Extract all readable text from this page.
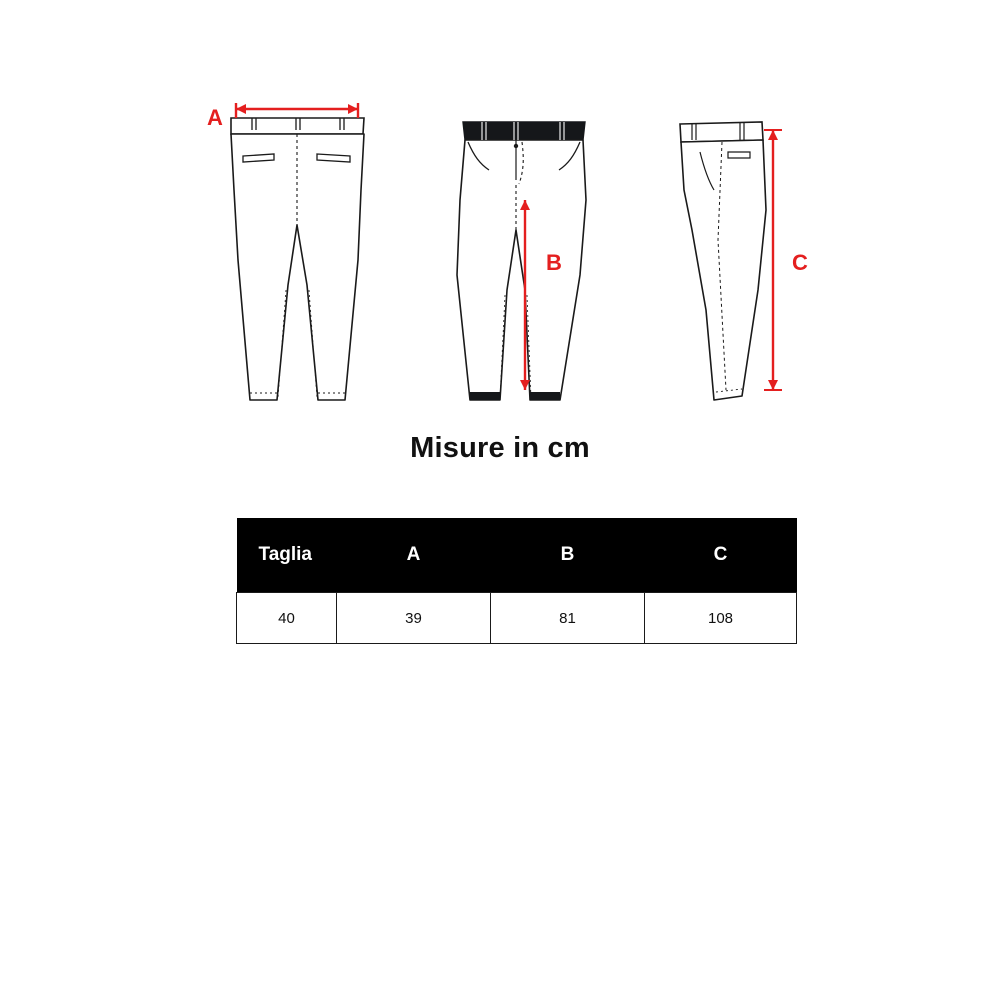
A
B	C
Misure in cm
Taglia	A	B	C
40	39	81	108
